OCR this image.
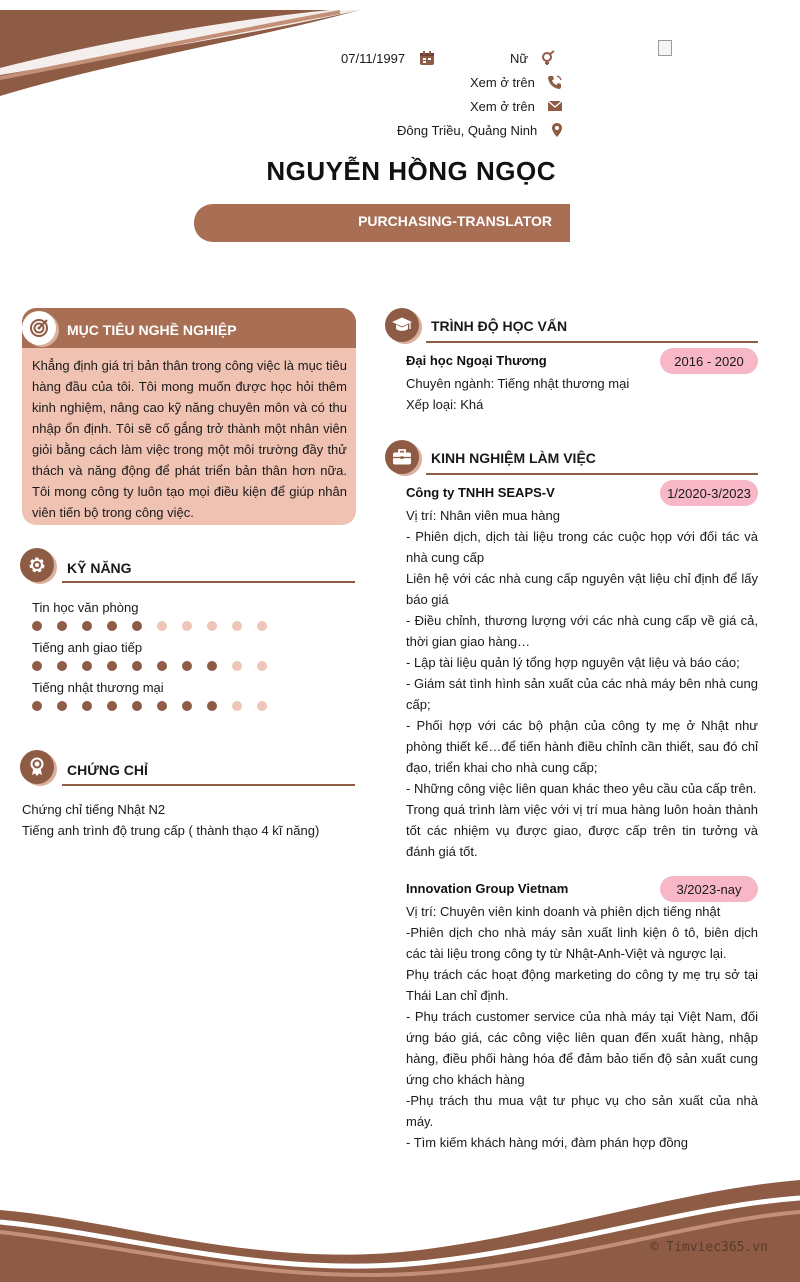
07/11/1997	Nữ
Xem ở trên
Xem ở trên
Đông Triều, Quảng Ninh
NGUYỄN HỒNG NGỌC
PURCHASING-TRANSLATOR
MỤC TIÊU NGHỀ NGHIỆP
Khẳng định giá trị bản thân trong công việc là mục tiêu hàng đầu của tôi. Tôi mong muốn được học hỏi thêm kinh nghiệm, nâng cao kỹ năng chuyên môn và có thu nhập ổn định. Tôi sẽ cố gắng trở thành một nhân viên giỏi bằng cách làm việc trong một môi trường đầy thử thách và năng động để phát triển bản thân hơn nữa. Tôi mong công ty luôn tạo mọi điều kiện để giúp nhân viên tiến bộ trong công việc.
KỸ NĂNG
Tin học văn phòng
Tiếng anh giao tiếp
Tiếng nhật thương mại
CHỨNG CHỈ
Chứng chỉ tiếng Nhật N2
Tiếng anh trình độ trung cấp ( thành thạo 4 kĩ năng)
TRÌNH ĐỘ HỌC VẤN
Đại học Ngoại Thương	2016 - 2020
Chuyên ngành: Tiếng nhật thương mại
Xếp loại: Khá
KINH NGHIỆM LÀM VIỆC
Công ty TNHH SEAPS-V	1/2020-3/2023
Vị trí: Nhân viên mua hàng
- Phiên dịch, dịch tài liệu trong các cuộc họp với đối tác và nhà cung cấp
Liên hệ với các nhà cung cấp nguyên vật liệu chỉ định để lấy báo giá
- Điều chỉnh, thương lượng với các nhà cung cấp về giá cả, thời gian giao hàng…
- Lập tài liệu quản lý tổng hợp nguyên vật liệu và báo cáo;
- Giám sát tình hình sản xuất của các nhà máy bên nhà cung cấp;
- Phối hợp với các bộ phận của công ty mẹ ở Nhật như phòng thiết kế…để tiến hành điều chỉnh cần thiết, sau đó chỉ đạo, triển khai cho nhà cung cấp;
- Những công việc liên quan khác theo yêu cầu của cấp trên.
Trong quá trình làm việc với vị trí mua hàng luôn hoàn thành tốt các nhiệm vụ được giao, được cấp trên tin tưởng và đánh giá tốt.
Innovation Group Vietnam	3/2023-nay
Vị trí: Chuyên viên kinh doanh và phiên dịch tiếng nhật
-Phiên dịch cho nhà máy sản xuất linh kiện ô tô, biên dịch các tài liệu trong công ty từ Nhật-Anh-Việt và ngược lại.
Phụ trách các hoạt động marketing do công ty mẹ trụ sở tại Thái Lan chỉ định.
- Phụ trách customer service của nhà máy tại Việt Nam, đối ứng báo giá, các công việc liên quan đến xuất hàng, nhập hàng, điều phối hàng hóa để đảm bảo tiến độ sản xuất cung ứng cho khách hàng
-Phụ trách thu mua vật tư phục vụ cho sản xuất của nhà máy.
- Tìm kiếm khách hàng mới, đàm phán hợp đồng
© Timviec365.vn
